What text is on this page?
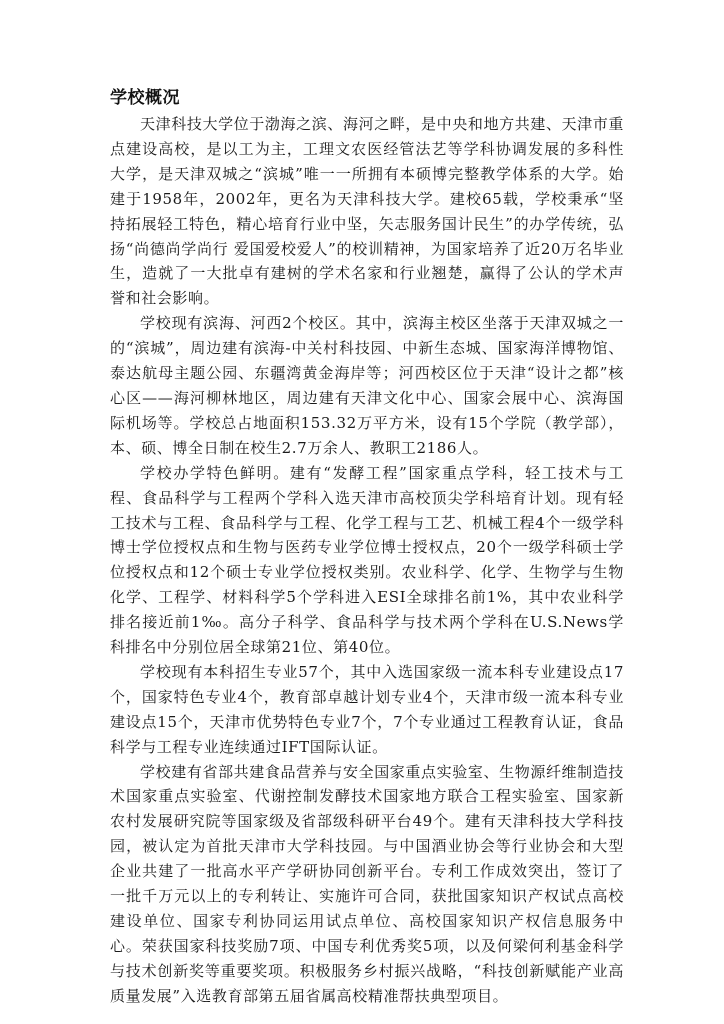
学校概况

天津科技大学位于渤海之滨、海河之畔，是中央和地方共建、天津市重点建设高校，是以工为主，工理文农医经管法艺等学科协调发展的多科性大学，是天津双城之“滨城”唯一一所拥有本硕博完整教学体系的大学。始建于1958年，2002年，更名为天津科技大学。建校65载，学校秉承“坚持拓展轻工特色，精心培育行业中坚，矢志服务国计民生”的办学传统，弘扬“尚德尚学尚行 爱国爱校爱人”的校训精神，为国家培养了近20万名毕业生，造就了一大批卓有建树的学术名家和行业翘楚，赢得了公认的学术声誉和社会影响。

学校现有滨海、河西2个校区。其中，滨海主校区坐落于天津双城之一的“滨城”，周边建有滨海-中关村科技园、中新生态城、国家海洋博物馆、泰达航母主题公园、东疆湾黄金海岸等；河西校区位于天津“设计之都”核心区——海河柳林地区，周边建有天津文化中心、国家会展中心、滨海国际机场等。学校总占地面积153.32万平方米，设有15个学院（教学部），本、硕、博全日制在校生2.7万余人、教职工2186人。

学校办学特色鲜明。建有“发酵工程”国家重点学科，轻工技术与工程、食品科学与工程两个学科入选天津市高校顶尖学科培育计划。现有轻工技术与工程、食品科学与工程、化学工程与工艺、机械工程4个一级学科博士学位授权点和生物与医药专业学位博士授权点，20个一级学科硕士学位授权点和12个硕士专业学位授权类别。农业科学、化学、生物学与生物化学、工程学、材料科学5个学科进入ESI全球排名前1%，其中农业科学排名接近前1‰。高分子科学、食品科学与技术两个学科在U.S.News学科排名中分别位居全球第21位、第40位。

学校现有本科招生专业57个，其中入选国家级一流本科专业建设点17个，国家特色专业4个，教育部卓越计划专业4个，天津市级一流本科专业建设点15个，天津市优势特色专业7个，7个专业通过工程教育认证，食品科学与工程专业连续通过IFT国际认证。

学校建有省部共建食品营养与安全国家重点实验室、生物源纤维制造技术国家重点实验室、代谢控制发酵技术国家地方联合工程实验室、国家新农村发展研究院等国家级及省部级科研平台49个。建有天津科技大学科技园，被认定为首批天津市大学科技园。与中国酒业协会等行业协会和大型企业共建了一批高水平产学研协同创新平台。专利工作成效突出，签订了一批千万元以上的专利转让、实施许可合同，获批国家知识产权试点高校建设单位、国家专利协同运用试点单位、高校国家知识产权信息服务中心。荣获国家科技奖励7项、中国专利优秀奖5项，以及何梁何利基金科学与技术创新奖等重要奖项。积极服务乡村振兴战略，“科技创新赋能产业高质量发展”入选教育部第五届省属高校精准帮扶典型项目。
